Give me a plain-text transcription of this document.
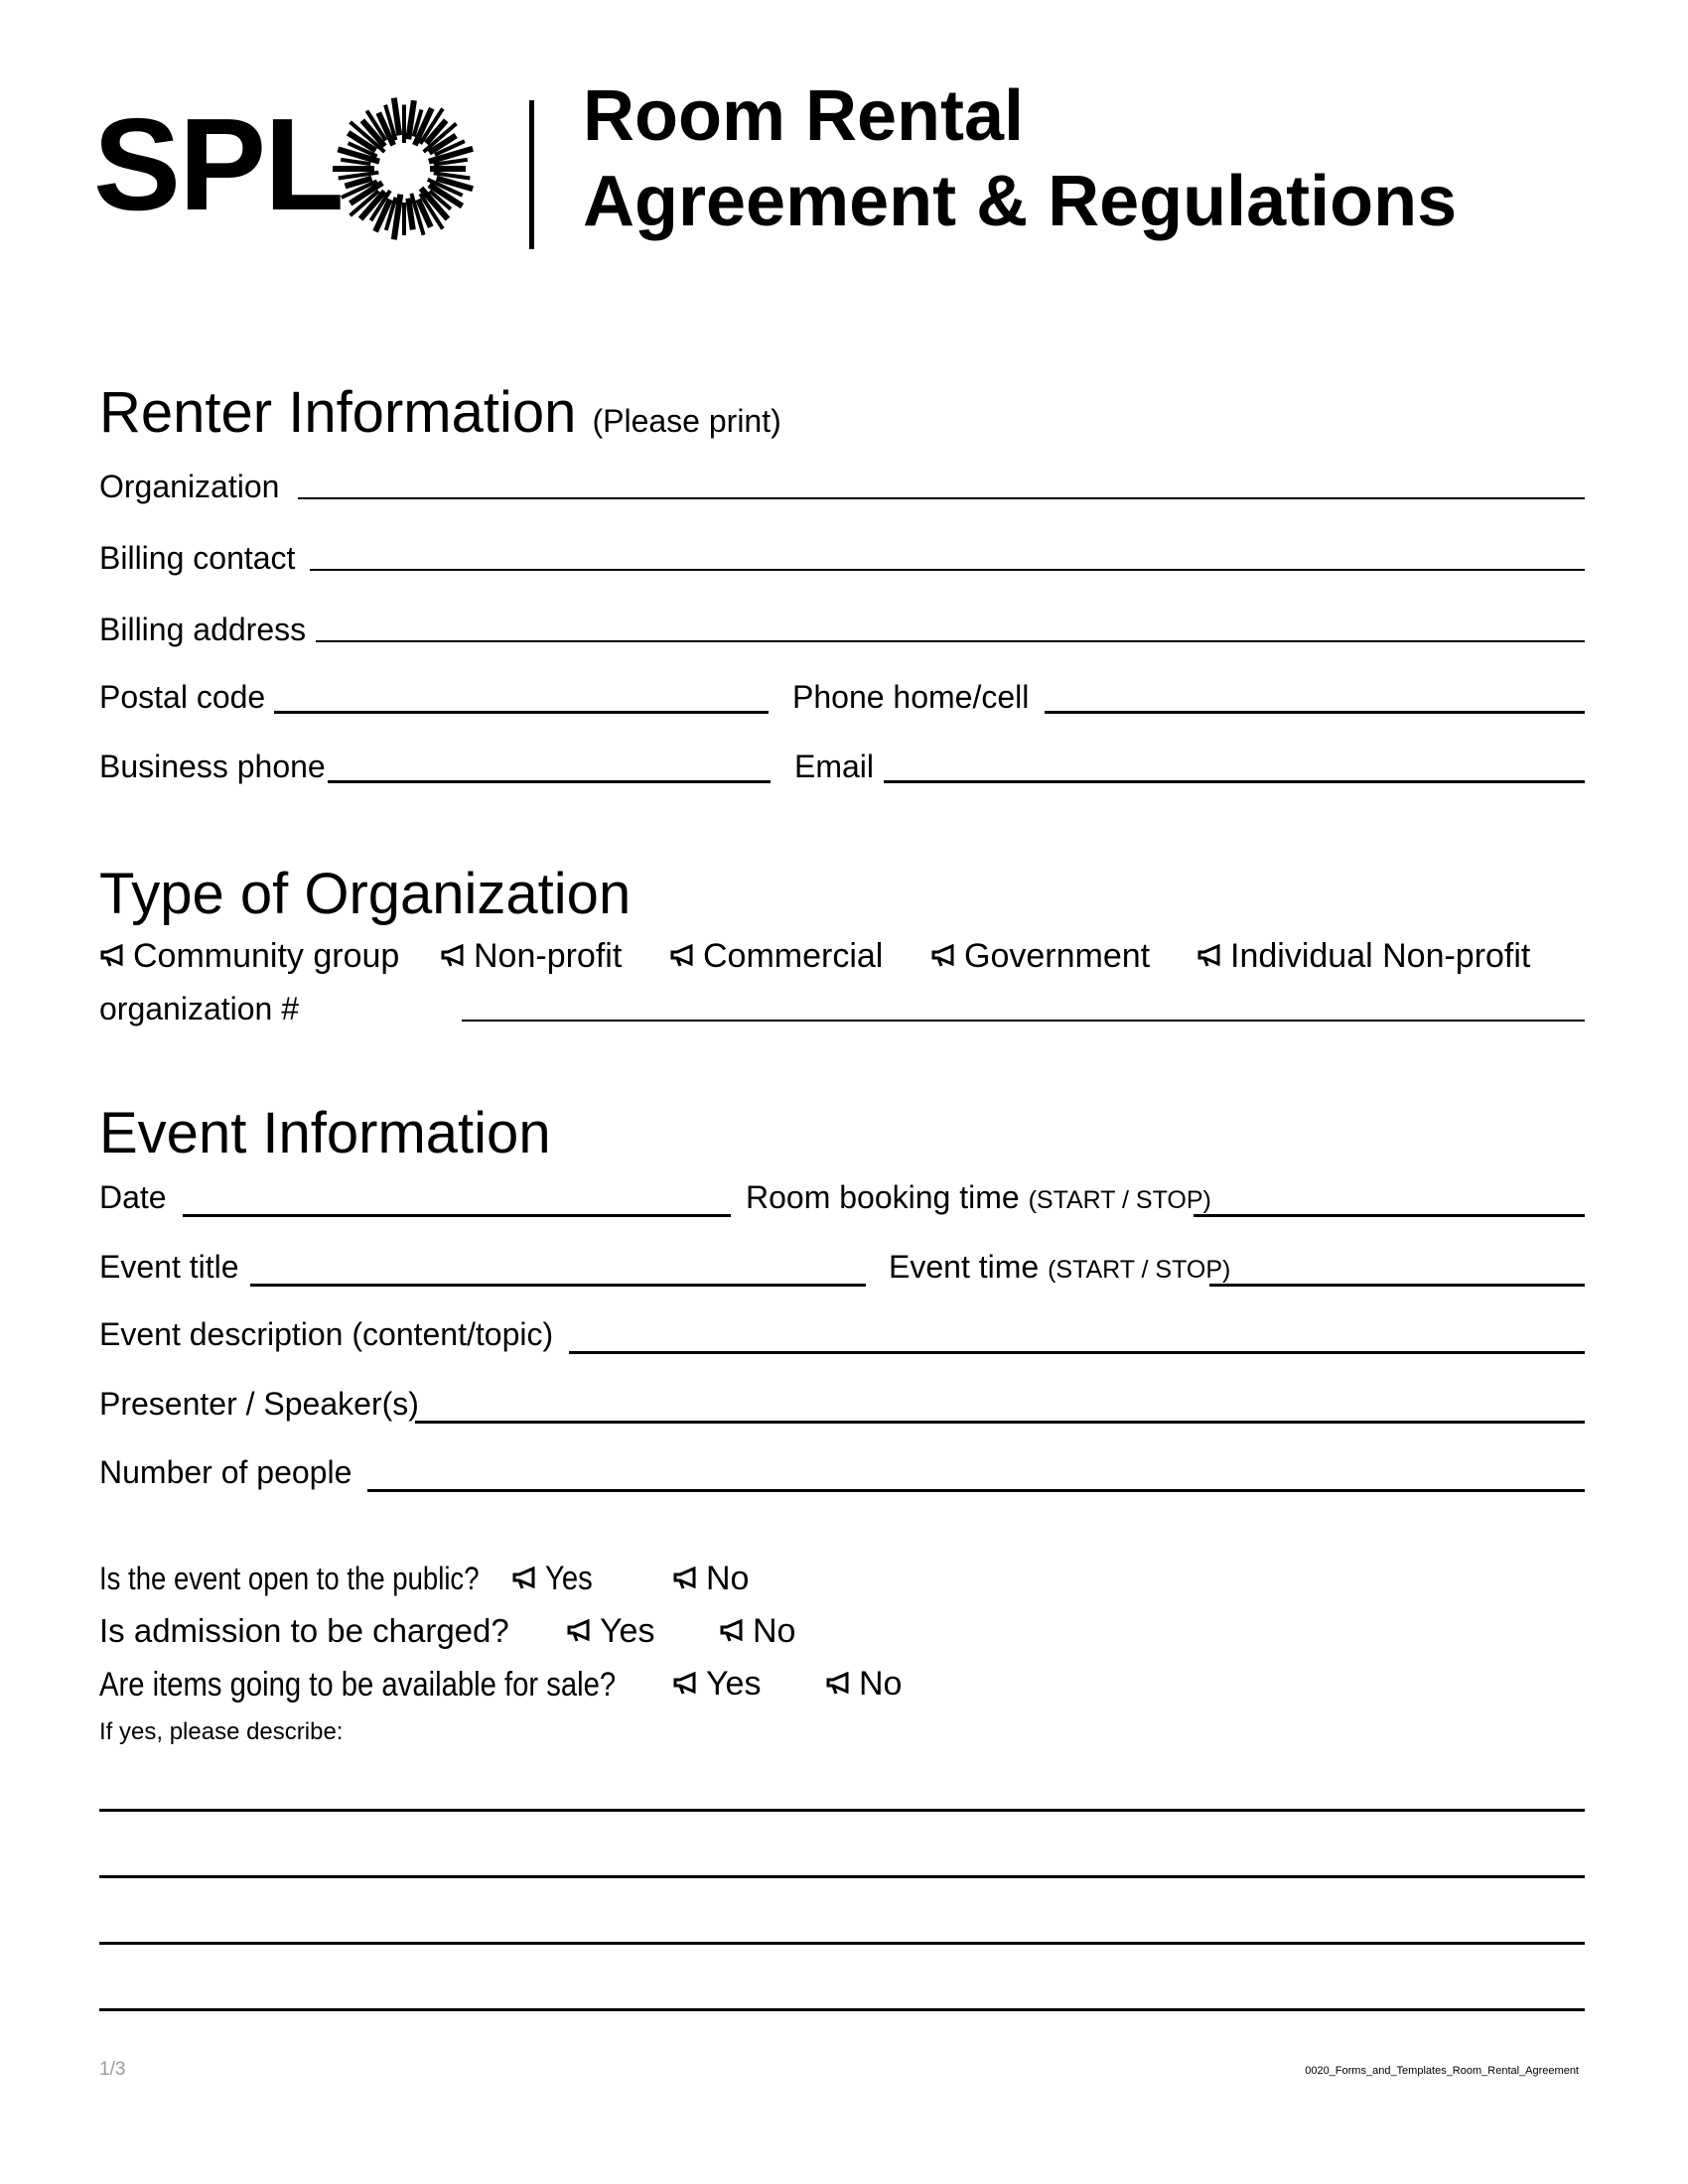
SPL	Room Rental
Agreement & Regulations
Renter Information (Please print)
Organization
Billing contact
Billing address
Postal code	Phone home/cell
Business phone	Email
Type of Organization
Community group Non-profit Commercial Government Individual Non-profit
organization #
Event Information
Date	Room booking time (START / STOP)
Event title	Event time (START / STOP)
Event description (content/topic)
Presenter / Speaker(s)
Number of people
Is the event open to the public?	Yes	No
Is admission to be charged?	Yes	No
Are items going to be available for sale?	Yes	No
If yes, please describe:
1/3	0020_Forms_and_Templates_Room_Rental_Agreement
